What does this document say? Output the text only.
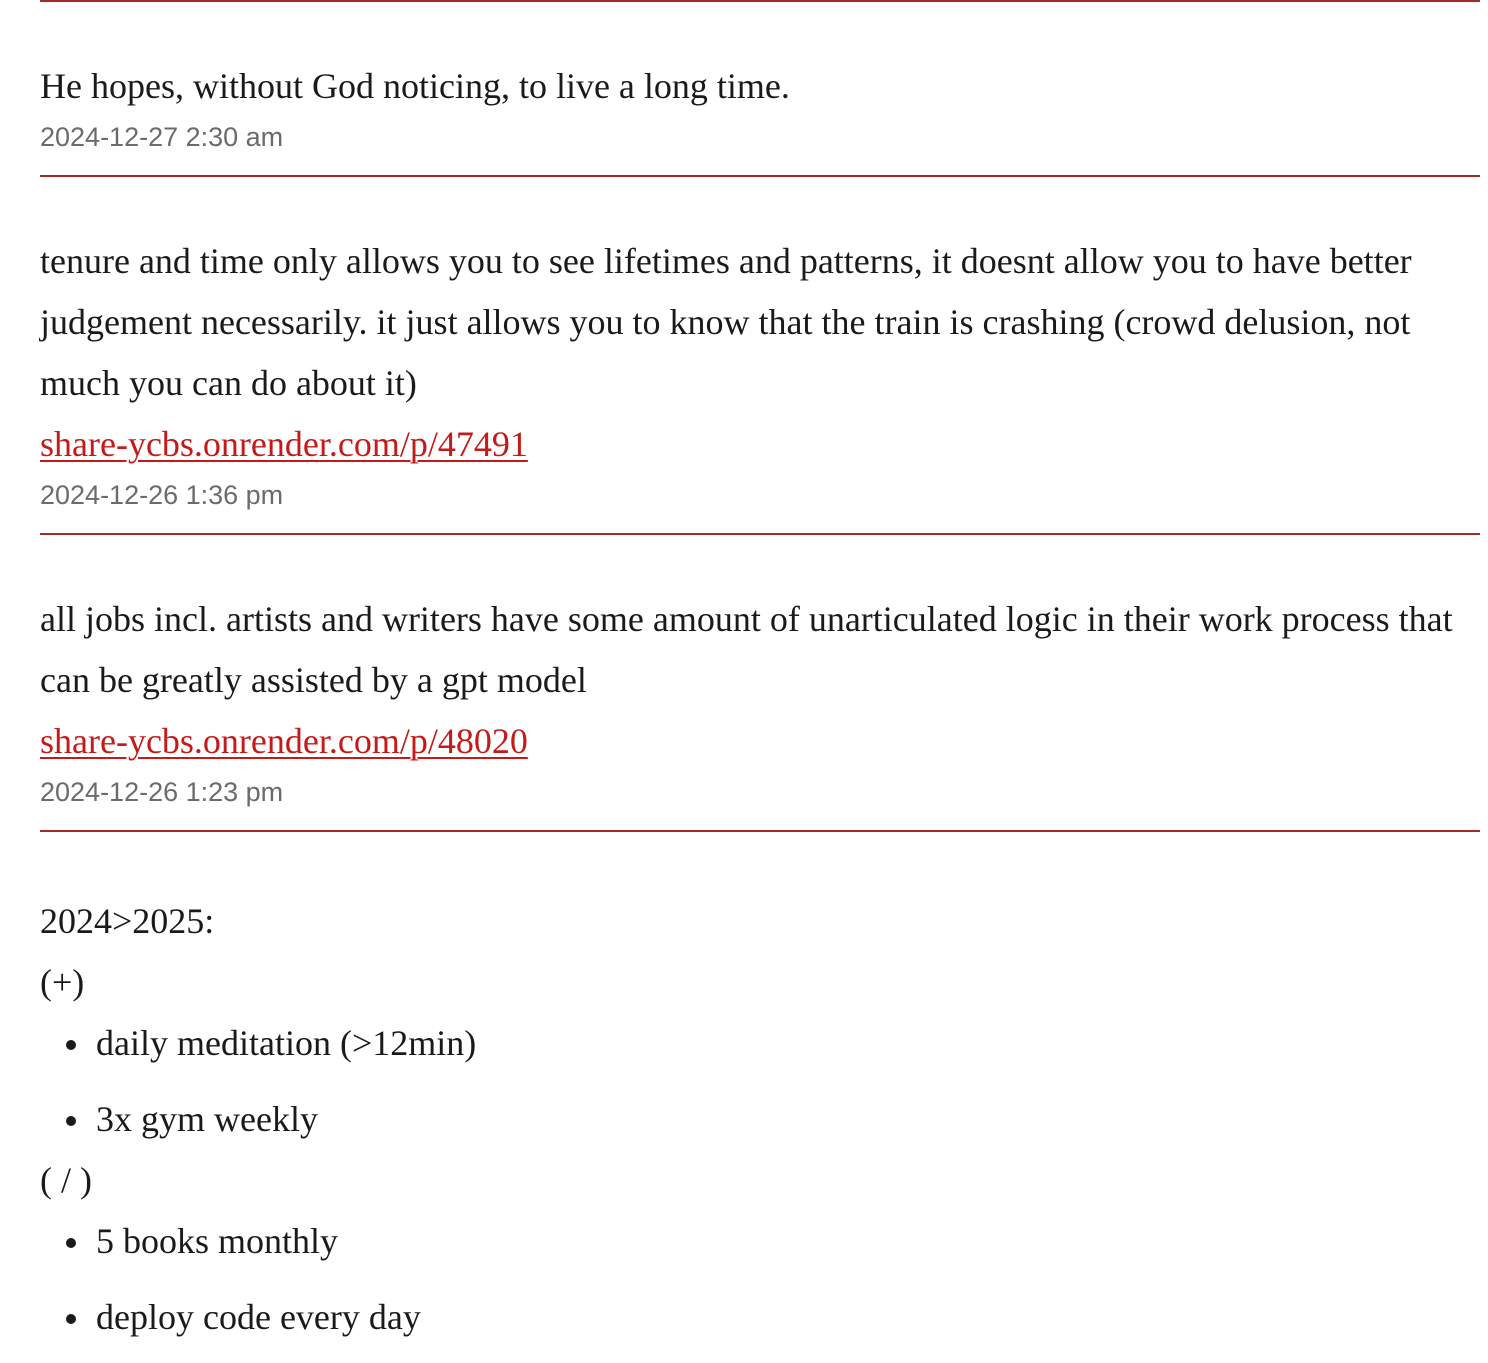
He hopes, without God noticing, to live a long time.

2024-12-27 2:30 am

tenure and time only allows you to see lifetimes and patterns, it doesnt allow you to have better judgement necessarily. it just allows you to know that the train is crashing (crowd delusion, not much you can do about it)

share-ycbs.onrender.com/p/47491
2024-12-26 1:36 pm

all jobs incl. artists and writers have some amount of unarticulated logic in their work process that can be greatly assisted by a gpt model

share-ycbs.onrender.com/p/48020
2024-12-26 1:23 pm

2024>2025:

(+)

daily meditation (>12min)
3x gym weekly

( / )

5 books monthly
deploy code every day
